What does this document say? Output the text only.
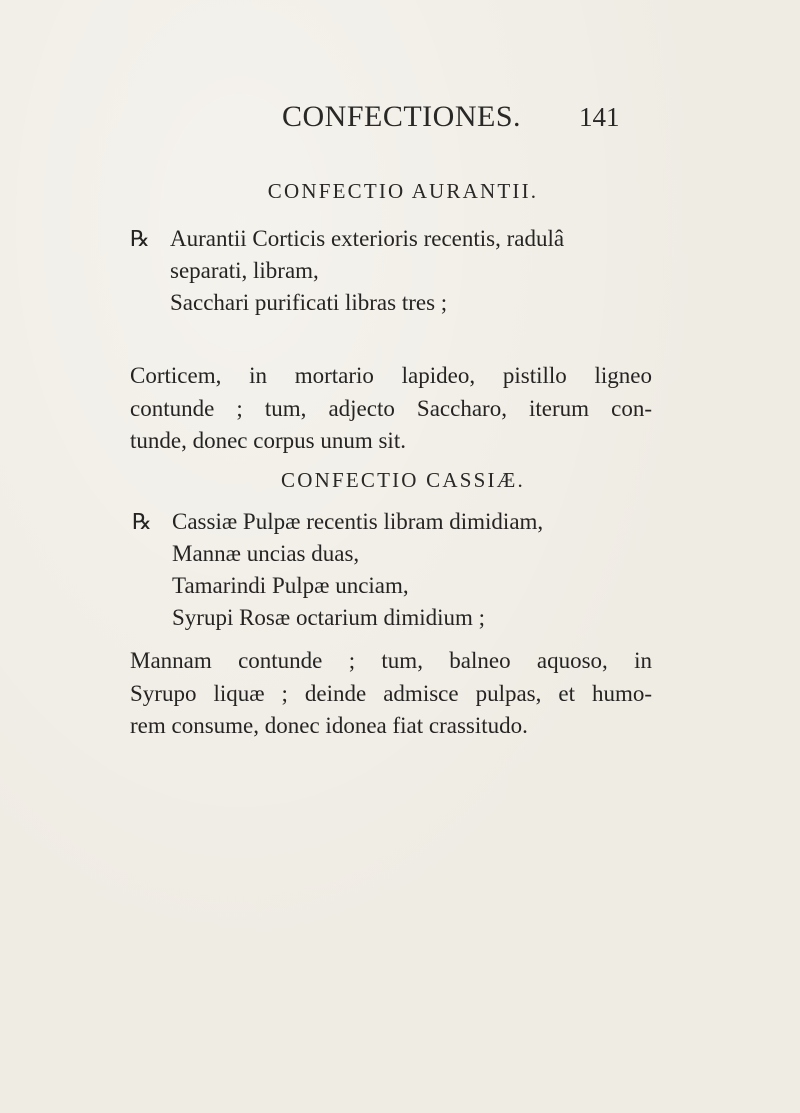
CONFECTIONES. 141
CONFECTIO AURANTII.
℞ Aurantii Corticis exterioris recentis, radulâ
separati, libram,
Sacchari purificati libras tres ;
Corticem, in mortario lapideo, pistillo ligneo
contunde ; tum, adjecto Saccharo, iterum con-
tunde, donec corpus unum sit.
CONFECTIO CASSIÆ.
℞ Cassiæ Pulpæ recentis libram dimidiam,
Mannæ uncias duas,
Tamarindi Pulpæ unciam,
Syrupi Rosæ octarium dimidium ;
Mannam contunde ; tum, balneo aquoso, in
Syrupo liquæ ; deinde admisce pulpas, et humo-
rem consume, donec idonea fiat crassitudo.
